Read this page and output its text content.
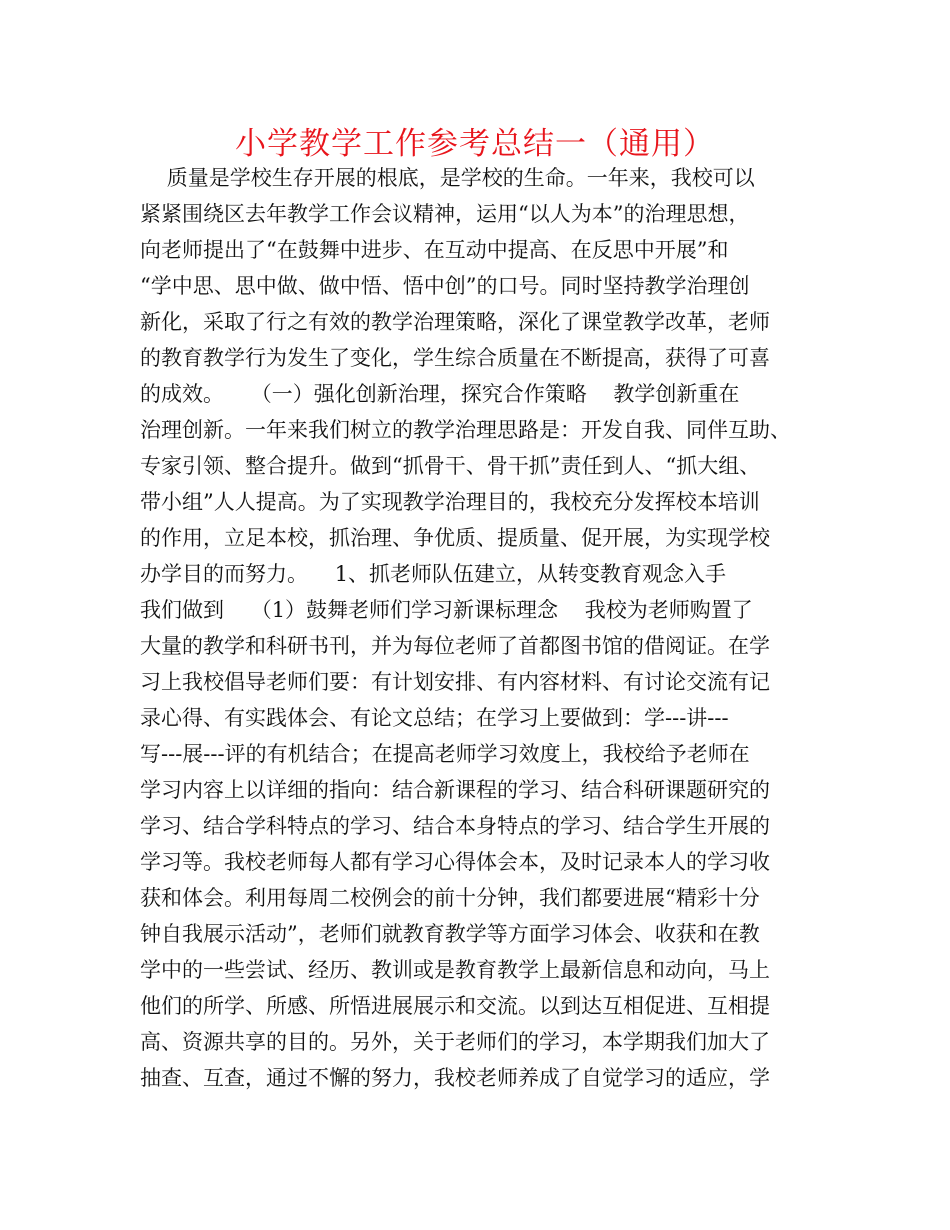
小学教学工作参考总结一（通用）
质量是学校生存开展的根底，是学校的生命。一年来，我校可以
紧紧围绕区去年教学工作会议精神，运用“以人为本”的治理思想，
向老师提出了“在鼓舞中进步、在互动中提高、在反思中开展”和
“学中思、思中做、做中悟、悟中创”的口号。同时坚持教学治理创
新化，采取了行之有效的教学治理策略，深化了课堂教学改革，老师
的教育教学行为发生了变化，学生综合质量在不断提高，获得了可喜
的成效。    （一）强化创新治理，探究合作策略    教学创新重在
治理创新。一年来我们树立的教学治理思路是：开发自我、同伴互助、
专家引领、整合提升。做到“抓骨干、骨干抓”责任到人、“抓大组、
带小组”人人提高。为了实现教学治理目的，我校充分发挥校本培训
的作用，立足本校，抓治理、争优质、提质量、促开展，为实现学校
办学目的而努力。    1、抓老师队伍建立，从转变教育观念入手
我们做到    （1）鼓舞老师们学习新课标理念    我校为老师购置了
大量的教学和科研书刊，并为每位老师了首都图书馆的借阅证。在学
习上我校倡导老师们要：有计划安排、有内容材料、有讨论交流有记
录心得、有实践体会、有论文总结；在学习上要做到：学---讲---
写---展---评的有机结合；在提高老师学习效度上，我校给予老师在
学习内容上以详细的指向：结合新课程的学习、结合科研课题研究的
学习、结合学科特点的学习、结合本身特点的学习、结合学生开展的
学习等。我校老师每人都有学习心得体会本，及时记录本人的学习收
获和体会。利用每周二校例会的前十分钟，我们都要进展“精彩十分
钟自我展示活动”，老师们就教育教学等方面学习体会、收获和在教
学中的一些尝试、经历、教训或是教育教学上最新信息和动向，马上
他们的所学、所感、所悟进展展示和交流。以到达互相促进、互相提
高、资源共享的目的。另外，关于老师们的学习，本学期我们加大了
抽查、互查，通过不懈的努力，我校老师养成了自觉学习的适应，学
